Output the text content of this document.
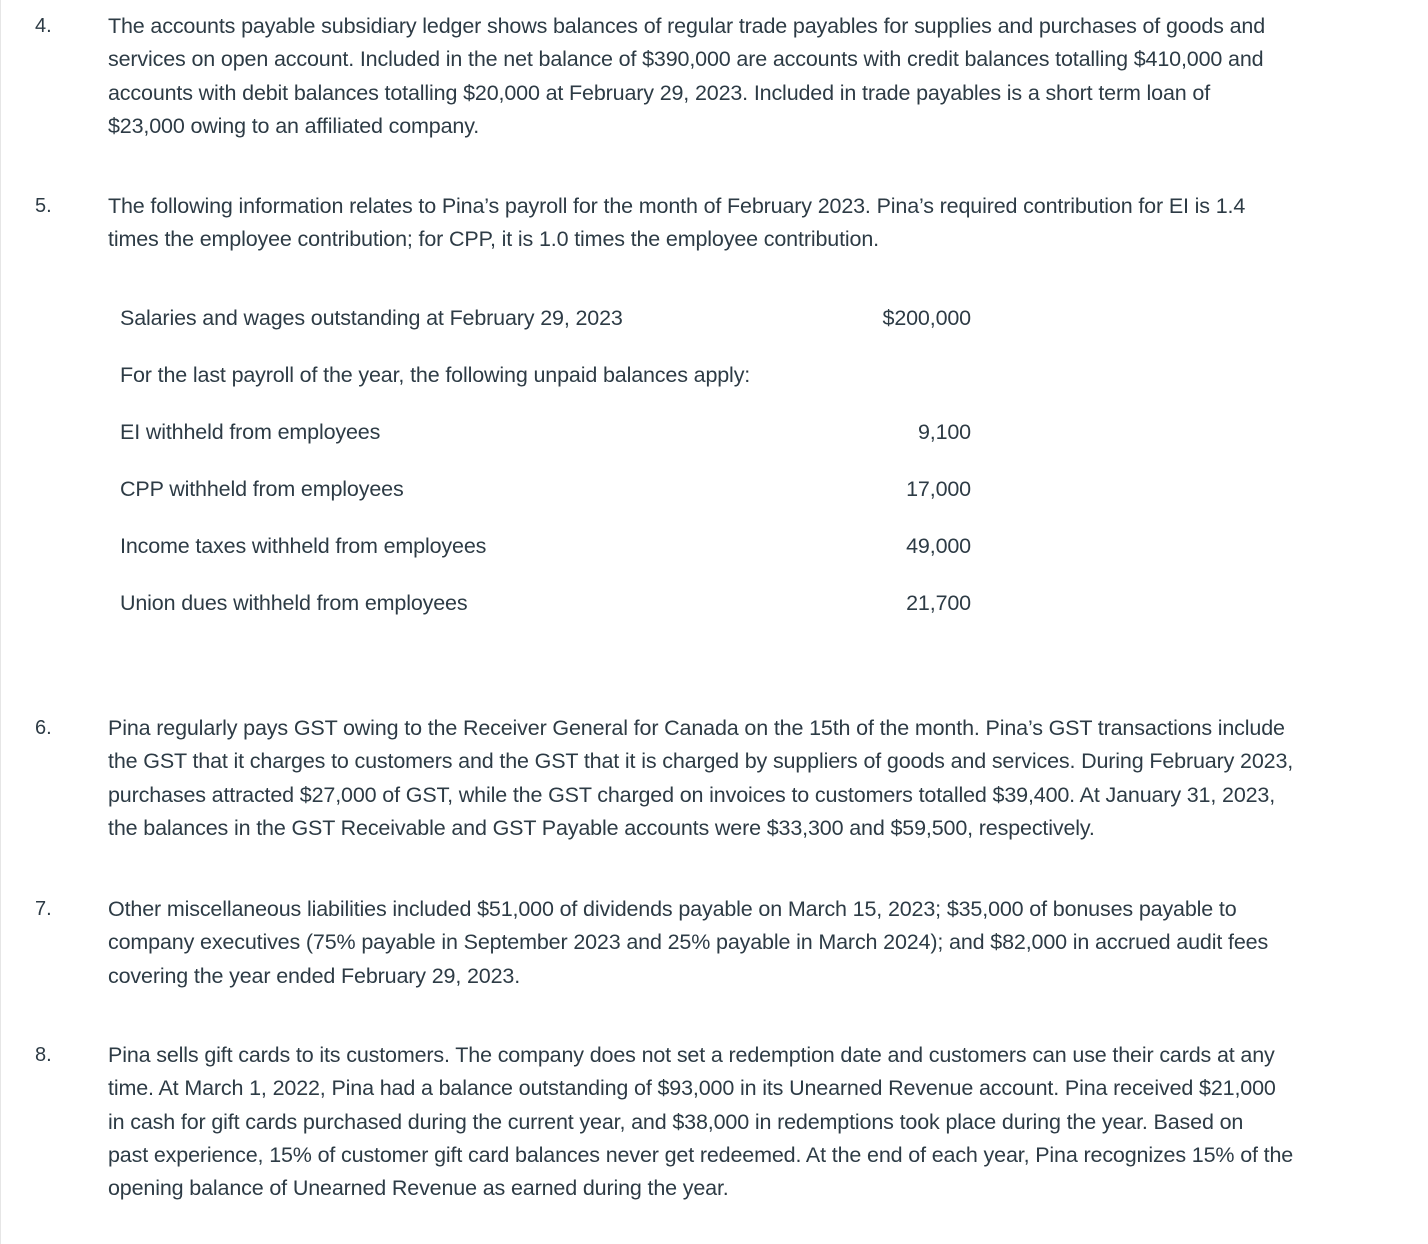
4.	The accounts payable subsidiary ledger shows balances of regular trade payables for supplies and purchases of goods and
services on open account. Included in the net balance of $390,000 are accounts with credit balances totalling $410,000 and
accounts with debit balances totalling $20,000 at February 29, 2023. Included in trade payables is a short term loan of
$23,000 owing to an affiliated company.
5.	The following information relates to Pina’s payroll for the month of February 2023. Pina’s required contribution for EI is 1.4
times the employee contribution; for CPP, it is 1.0 times the employee contribution.
Salaries and wages outstanding at February 29, 2023	$200,000
For the last payroll of the year, the following unpaid balances apply:
EI withheld from employees	9,100
CPP withheld from employees	17,000
Income taxes withheld from employees	49,000
Union dues withheld from employees	21,700
6.	Pina regularly pays GST owing to the Receiver General for Canada on the 15th of the month. Pina’s GST transactions include
the GST that it charges to customers and the GST that it is charged by suppliers of goods and services. During February 2023,
purchases attracted $27,000 of GST, while the GST charged on invoices to customers totalled $39,400. At January 31, 2023,
the balances in the GST Receivable and GST Payable accounts were $33,300 and $59,500, respectively.
7.	Other miscellaneous liabilities included $51,000 of dividends payable on March 15, 2023; $35,000 of bonuses payable to
company executives (75% payable in September 2023 and 25% payable in March 2024); and $82,000 in accrued audit fees
covering the year ended February 29, 2023.
8.	Pina sells gift cards to its customers. The company does not set a redemption date and customers can use their cards at any
time. At March 1, 2022, Pina had a balance outstanding of $93,000 in its Unearned Revenue account. Pina received $21,000
in cash for gift cards purchased during the current year, and $38,000 in redemptions took place during the year. Based on
past experience, 15% of customer gift card balances never get redeemed. At the end of each year, Pina recognizes 15% of the
opening balance of Unearned Revenue as earned during the year.
